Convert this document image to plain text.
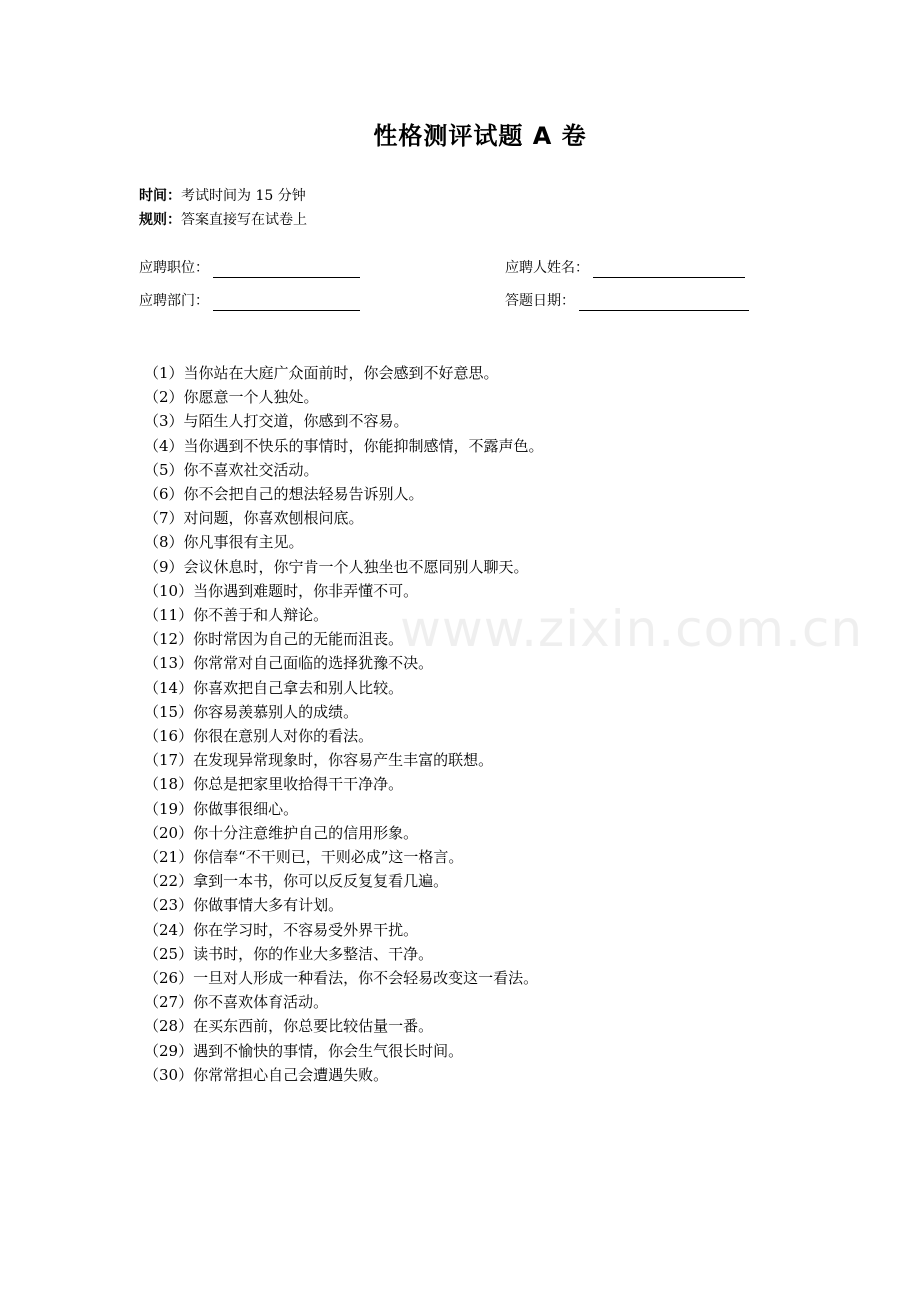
性格测评试题 A 卷
时间：考试时间为 15 分钟
规则：答案直接写在试卷上
应聘职位：	应聘人姓名：
应聘部门：	答题日期：
（1）当你站在大庭广众面前时，你会感到不好意思。
（2）你愿意一个人独处。
（3）与陌生人打交道，你感到不容易。
（4）当你遇到不快乐的事情时，你能抑制感情，不露声色。
（5）你不喜欢社交活动。
（6）你不会把自己的想法轻易告诉别人。
（7）对问题，你喜欢刨根问底。
（8）你凡事很有主见。
（9）会议休息时，你宁肯一个人独坐也不愿同别人聊天。
（10）当你遇到难题时，你非弄懂不可。
（11）你不善于和人辩论。
（12）你时常因为自己的无能而沮丧。
（13）你常常对自己面临的选择犹豫不决。
（14）你喜欢把自己拿去和别人比较。
（15）你容易羡慕别人的成绩。
（16）你很在意别人对你的看法。
（17）在发现异常现象时，你容易产生丰富的联想。
（18）你总是把家里收拾得干干净净。
（19）你做事很细心。
（20）你十分注意维护自己的信用形象。
（21）你信奉“不干则已，干则必成”这一格言。
（22）拿到一本书，你可以反反复复看几遍。
（23）你做事情大多有计划。
（24）你在学习时，不容易受外界干扰。
（25）读书时，你的作业大多整洁、干净。
（26）一旦对人形成一种看法，你不会轻易改变这一看法。
（27）你不喜欢体育活动。
（28）在买东西前，你总要比较估量一番。
（29）遇到不愉快的事情，你会生气很长时间。
（30）你常常担心自己会遭遇失败。
www.zixin.com.cn
